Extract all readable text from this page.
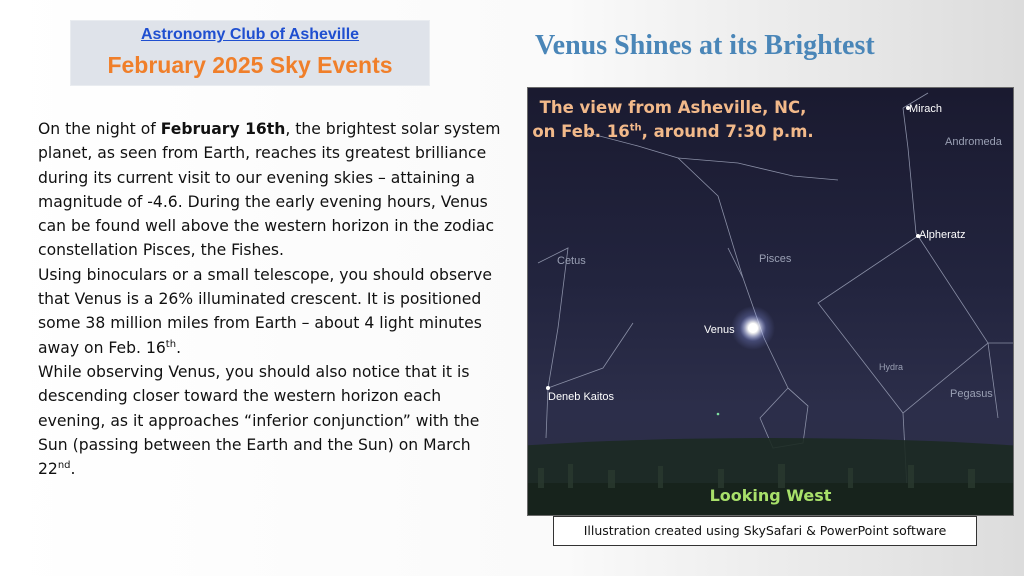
Astronomy Club of Asheville
February 2025 Sky Events
Venus Shines at its Brightest

On the night of February 16th, the brightest solar system planet, as seen from Earth, reaches its greatest brilliance during its current visit to our evening skies – attaining a magnitude of -4.6. During the early evening hours, Venus can be found well above the western horizon in the zodiac constellation Pisces, the Fishes.

Using binoculars or a small telescope, you should observe that Venus is a 26% illuminated crescent. It is positioned some 38 million miles from Earth – about 4 light minutes away on Feb. 16th.

While observing Venus, you should also notice that it is descending closer toward the western horizon each evening, as it approaches “inferior conjunction” with the Sun (passing between the Earth and the Sun) on March 22nd.

The view from Asheville, NC,
on Feb. 16th, around 7:30 p.m.
Mirach
Andromeda
Alpheratz
Cetus	Pisces
Venus
Hydra
Pegasus
Deneb Kaitos
Looking West
Illustration created using SkySafari & PowerPoint software
